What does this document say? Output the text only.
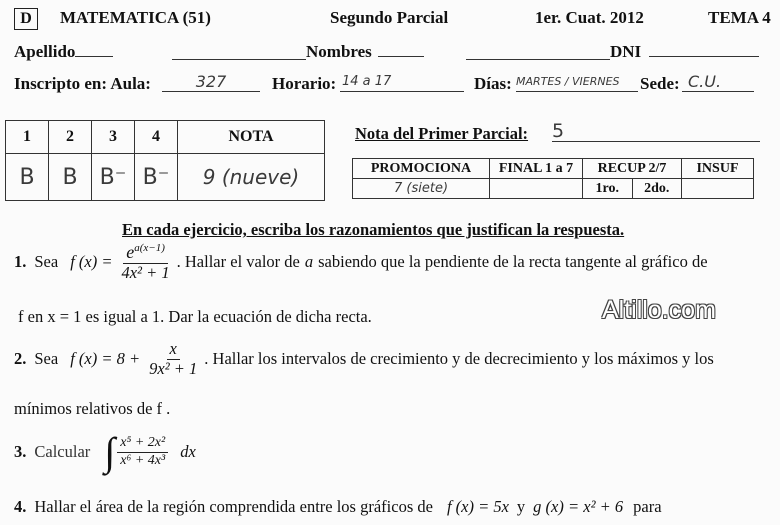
D	MATEMATICA (51)	Segundo Parcial	1er. Cuat. 2012	TEMA 4
Apellido	Nombres	DNI
Inscripto en: Aula:	327	Horario: 14 a 17	Días: MARTES / VIERNES	Sede: C.U.
1	2	3	4	NOTA
B	B	B⁻	B⁻	9 (nueve)
Nota del Primer Parcial: 5
PROMOCIONA	FINAL 1 a 7	RECUP 2/7		INSUF
7 (siete)		1ro.	2do.	
En cada ejercicio, escriba los razonamientos que justifican la respuesta.
1. Sea f $(x) = \frac{e^{a(x-1)}}{\text{4x² + 1}}$ . Hallar el valor de a sabiendo que la pendiente de la recta tangente al gráfico de
f en x = 1 es igual a 1. Dar la ecuación de dicha recta.	Altillo.com
2. Sea f $(x) = 8 + \frac{x}{\text{9x² + 1}}$ . Hallar los intervalos de crecimiento y de decrecimiento y los máximos y los
mínimos relativos de f .
3. Calcular ∫ $\frac{\text{x⁵ + 2x²}}{\text{x⁶ + 4x³}}$ dx
4. Hallar el área de la región comprendida entre los gráficos de f (x) = 5x y g (x) = x² + 6 para
